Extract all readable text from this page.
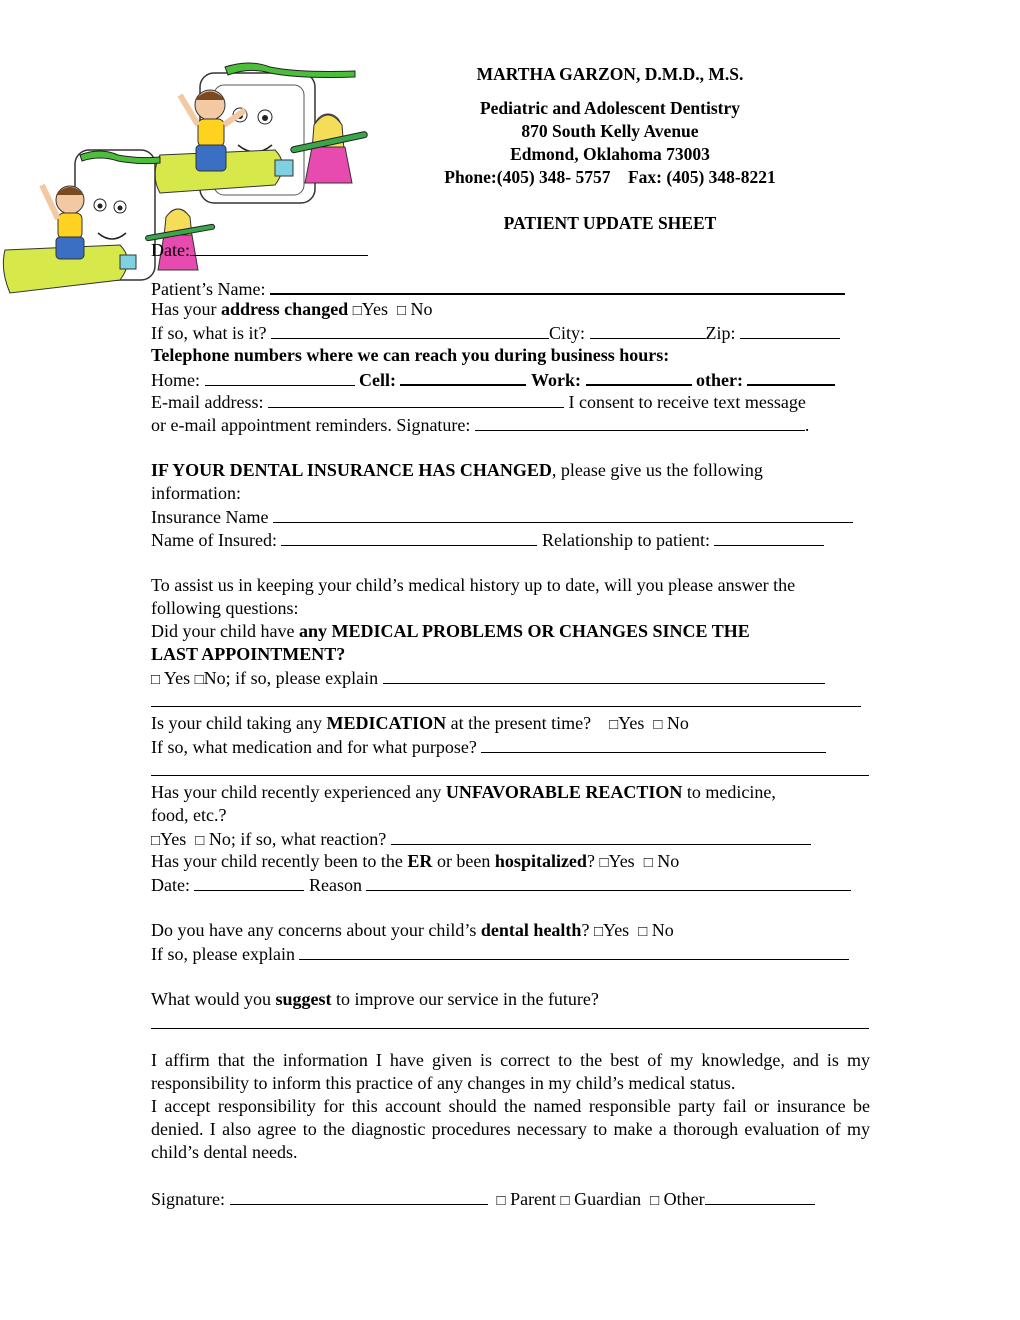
MARTHA GARZON, D.M.D., M.S.
Pediatric and Adolescent Dentistry
870 South Kelly Avenue
Edmond, Oklahoma 73003
Phone:(405) 348- 5757 Fax: (405) 348-8221
PATIENT UPDATE SHEET
Date:
Patient’s Name:
Has your address changed □Yes □ No
If so, what is it?	City:	Zip:
Telephone numbers where we can reach you during business hours:
Home:	Cell:	Work:	other:
E-mail address:	I consent to receive text message
or e-mail appointment reminders. Signature:	.
IF YOUR DENTAL INSURANCE HAS CHANGED, please give us the following
information:
Insurance Name
Name of Insured:	Relationship to patient:
To assist us in keeping your child’s medical history up to date, will you please answer the
following questions:
Did your child have any MEDICAL PROBLEMS OR CHANGES SINCE THE
LAST APPOINTMENT?
□ Yes □No; if so, please explain
Is your child taking any MEDICATION at the present time? □Yes □ No
If so, what medication and for what purpose?
Has your child recently experienced any UNFAVORABLE REACTION to medicine,
food, etc.?
□Yes □ No; if so, what reaction?
Has your child recently been to the ER or been hospitalized? □Yes □ No
Date:	Reason
Do you have any concerns about your child’s dental health? □Yes □ No
If so, please explain
What would you suggest to improve our service in the future?
I affirm that the information I have given is correct to the best of my knowledge, and is my responsibility to inform this practice of any changes in my child’s medical status.
I accept responsibility for this account should the named responsible party fail or insurance be denied. I also agree to the diagnostic procedures necessary to make a thorough evaluation of my child’s dental needs.
Signature:	□ Parent □ Guardian □ Other
